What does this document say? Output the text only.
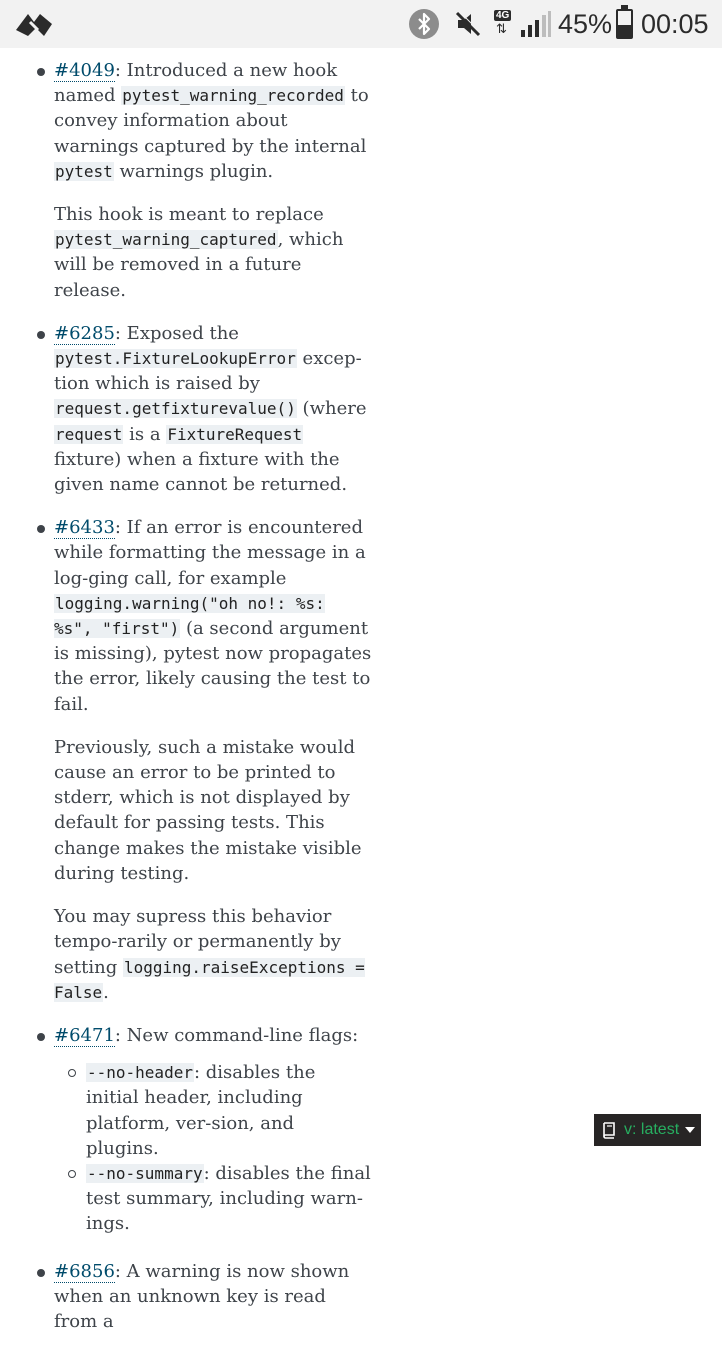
4G
⇅ 45% 00:05

#4049: Introduced a new hook named pytest_warning_recorded to convey information about warnings captured by the internal pytest warnings plugin.

This hook is meant to replace pytest_warning_captured, which will be removed in a future release.

#6285: Exposed the pytest.FixtureLookupError excep-tion which is raised by request.getfixturevalue() (where request is a FixtureRequest fixture) when a fixture with the given name cannot be returned.

#6433: If an error is encountered while formatting the message in a log-ging call, for example logging.warning("oh no!: %s: %s", "first") (a second argument is missing), pytest now propagates the error, likely causing the test to fail.

Previously, such a mistake would cause an error to be printed to stderr, which is not displayed by default for passing tests. This change makes the mistake visible during testing.

You may supress this behavior tempo-rarily or permanently by setting logging.raiseExceptions = False.

#6471: New command-line flags:

--no-header: disables the initial header, including platform, ver-sion, and plugins.
--no-summary: disables the final test summary, including warn-ings.

#6856: A warning is now shown when an unknown key is read from a

v: latest
